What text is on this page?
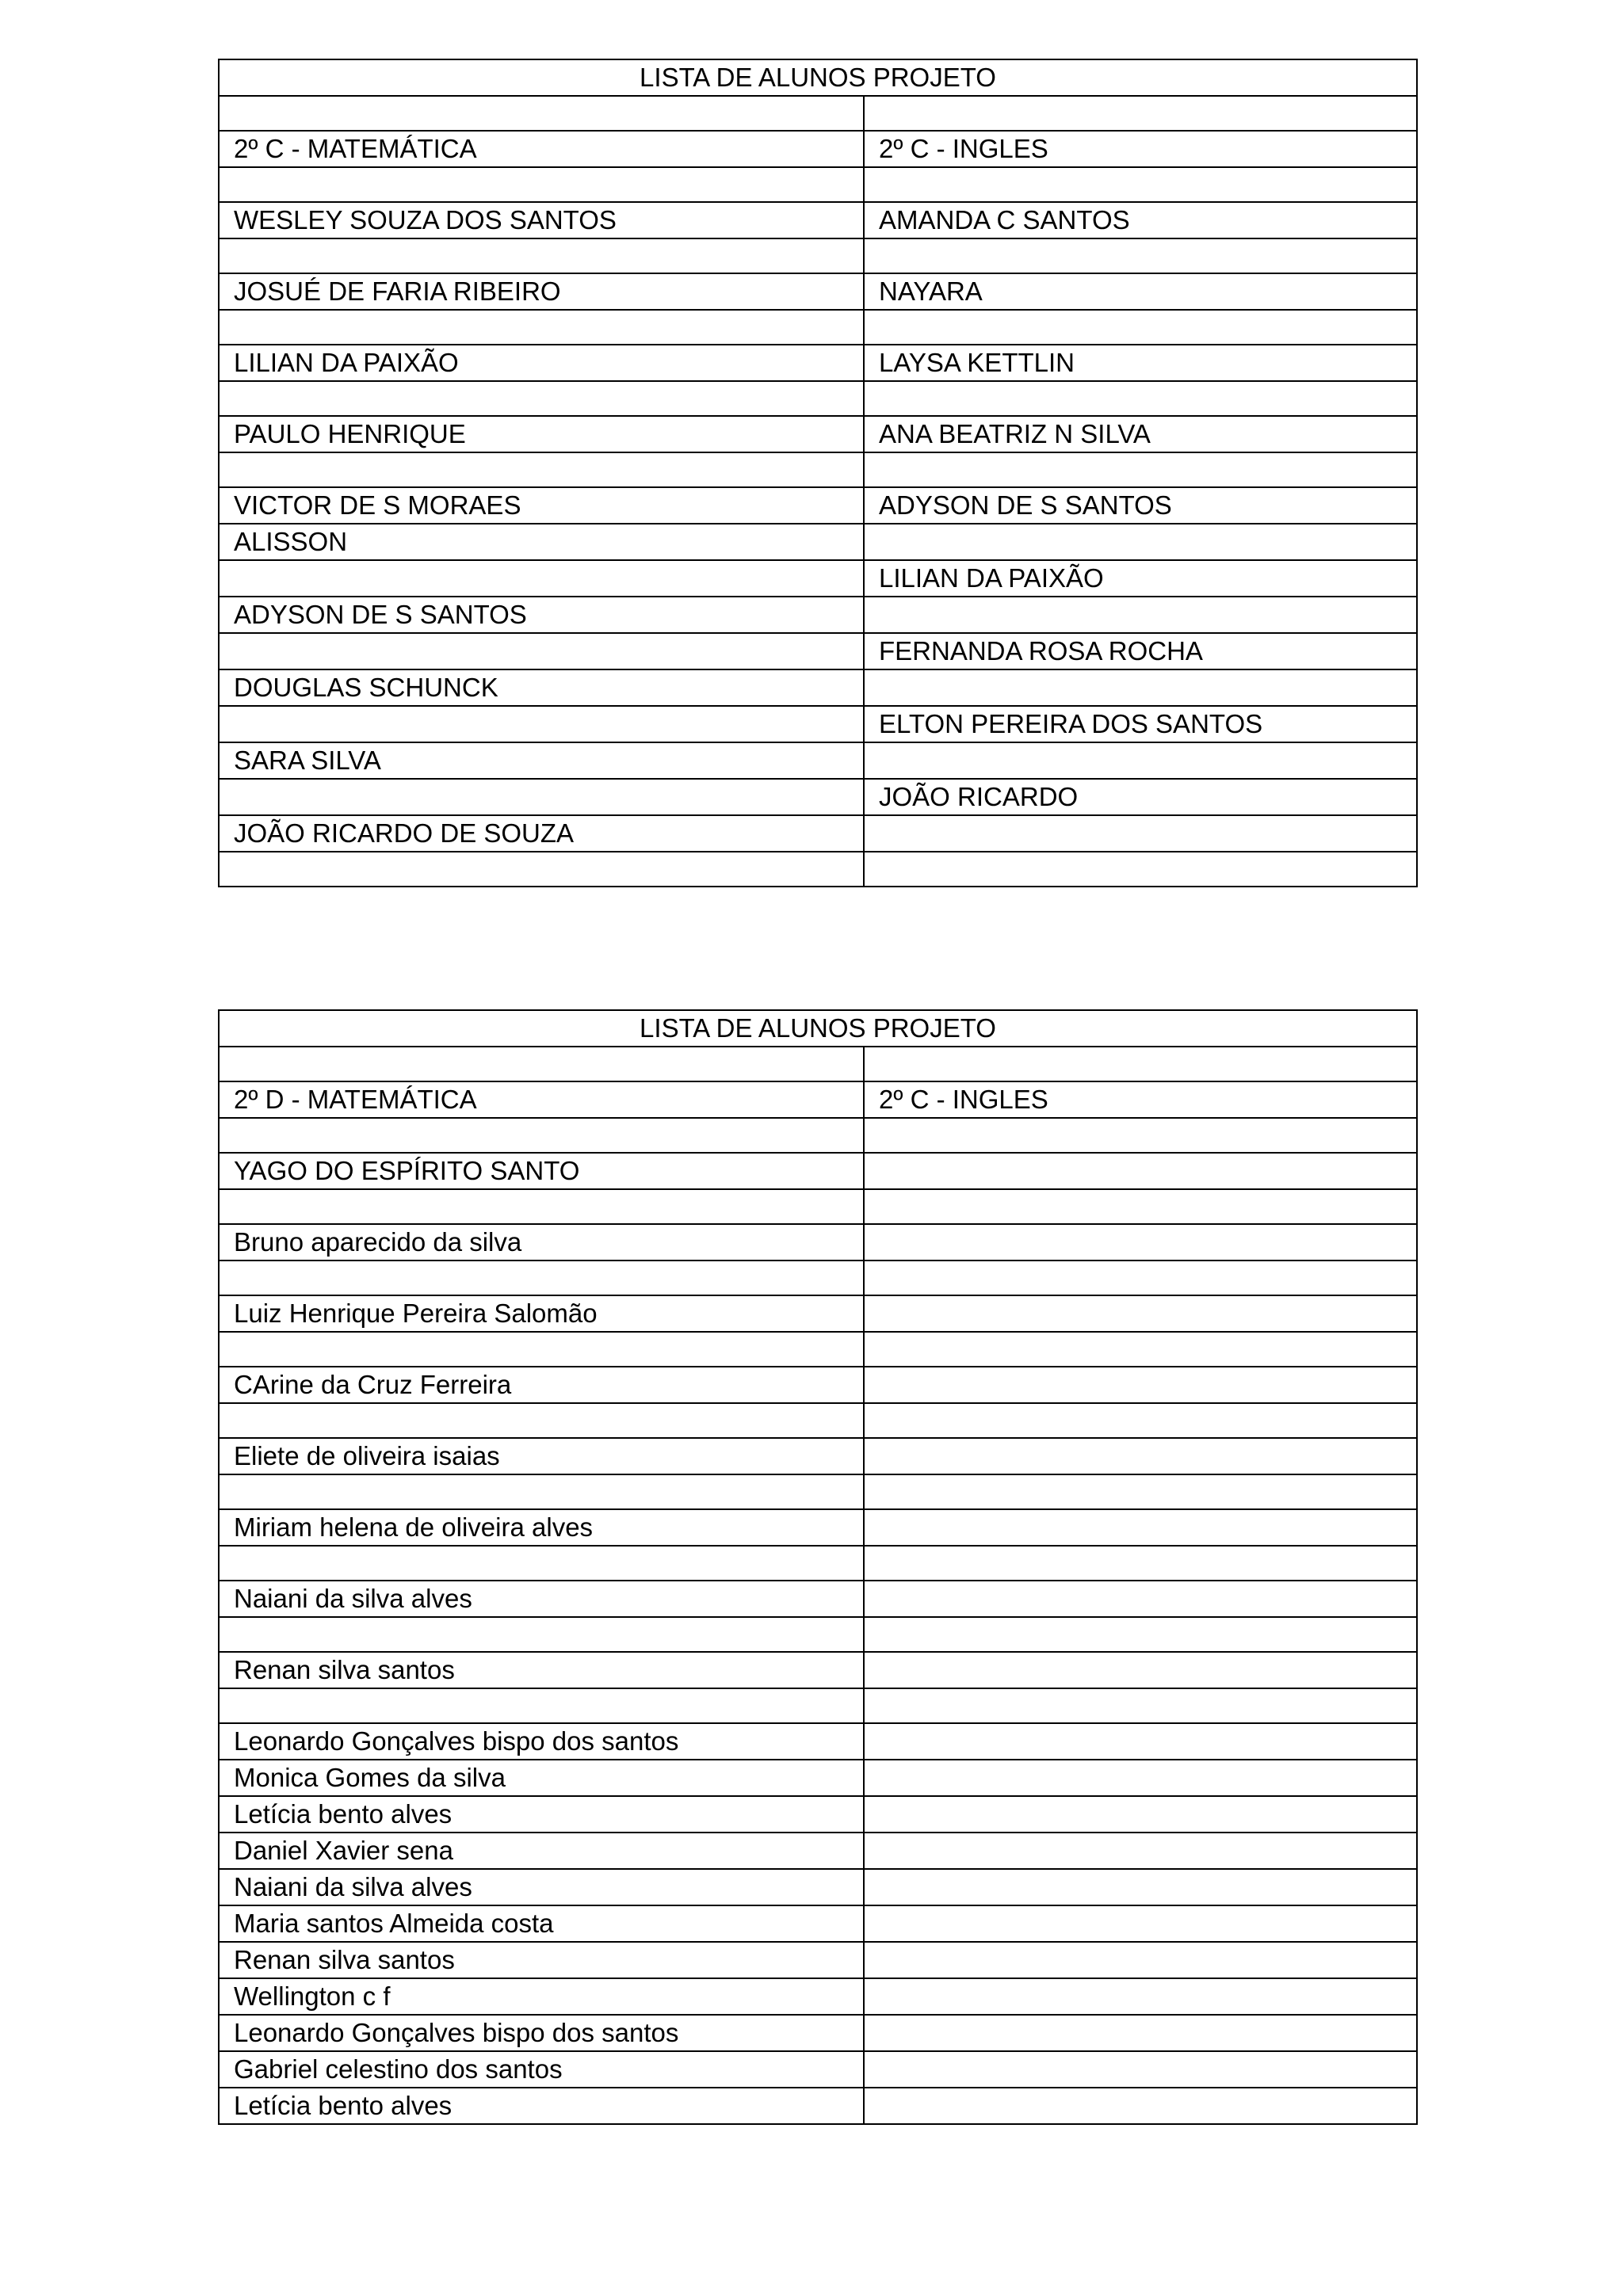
LISTA DE ALUNOS PROJETO	

2º C - MATEMÁTICA	2º C - INGLES

WESLEY SOUZA DOS SANTOS	AMANDA C SANTOS

JOSUÉ DE FARIA RIBEIRO	NAYARA

LILIAN DA PAIXÃO	LAYSA KETTLIN

PAULO HENRIQUE	ANA BEATRIZ N SILVA

VICTOR DE S MORAES	ADYSON DE S SANTOS
ALISSON	
	LILIAN DA PAIXÃO
ADYSON DE S SANTOS	
	FERNANDA ROSA ROCHA
DOUGLAS SCHUNCK	
	ELTON PEREIRA DOS SANTOS
SARA SILVA	
	JOÃO RICARDO
JOÃO RICARDO DE SOUZA	

LISTA DE ALUNOS PROJETO	

2º D - MATEMÁTICA	2º C - INGLES

YAGO DO ESPÍRITO SANTO	

Bruno aparecido da silva	

Luiz Henrique Pereira Salomão	

CArine da Cruz Ferreira	

Eliete de oliveira isaias	

Miriam helena de oliveira alves	

Naiani da silva alves	

Renan silva santos	

Leonardo Gonçalves bispo dos santos	
Monica Gomes da silva	
Letícia bento alves	
Daniel Xavier sena	
Naiani da silva alves	
Maria santos Almeida costa	
Renan silva santos	
Wellington c f	
Leonardo Gonçalves bispo dos santos	
Gabriel celestino dos santos	
Letícia bento alves	
